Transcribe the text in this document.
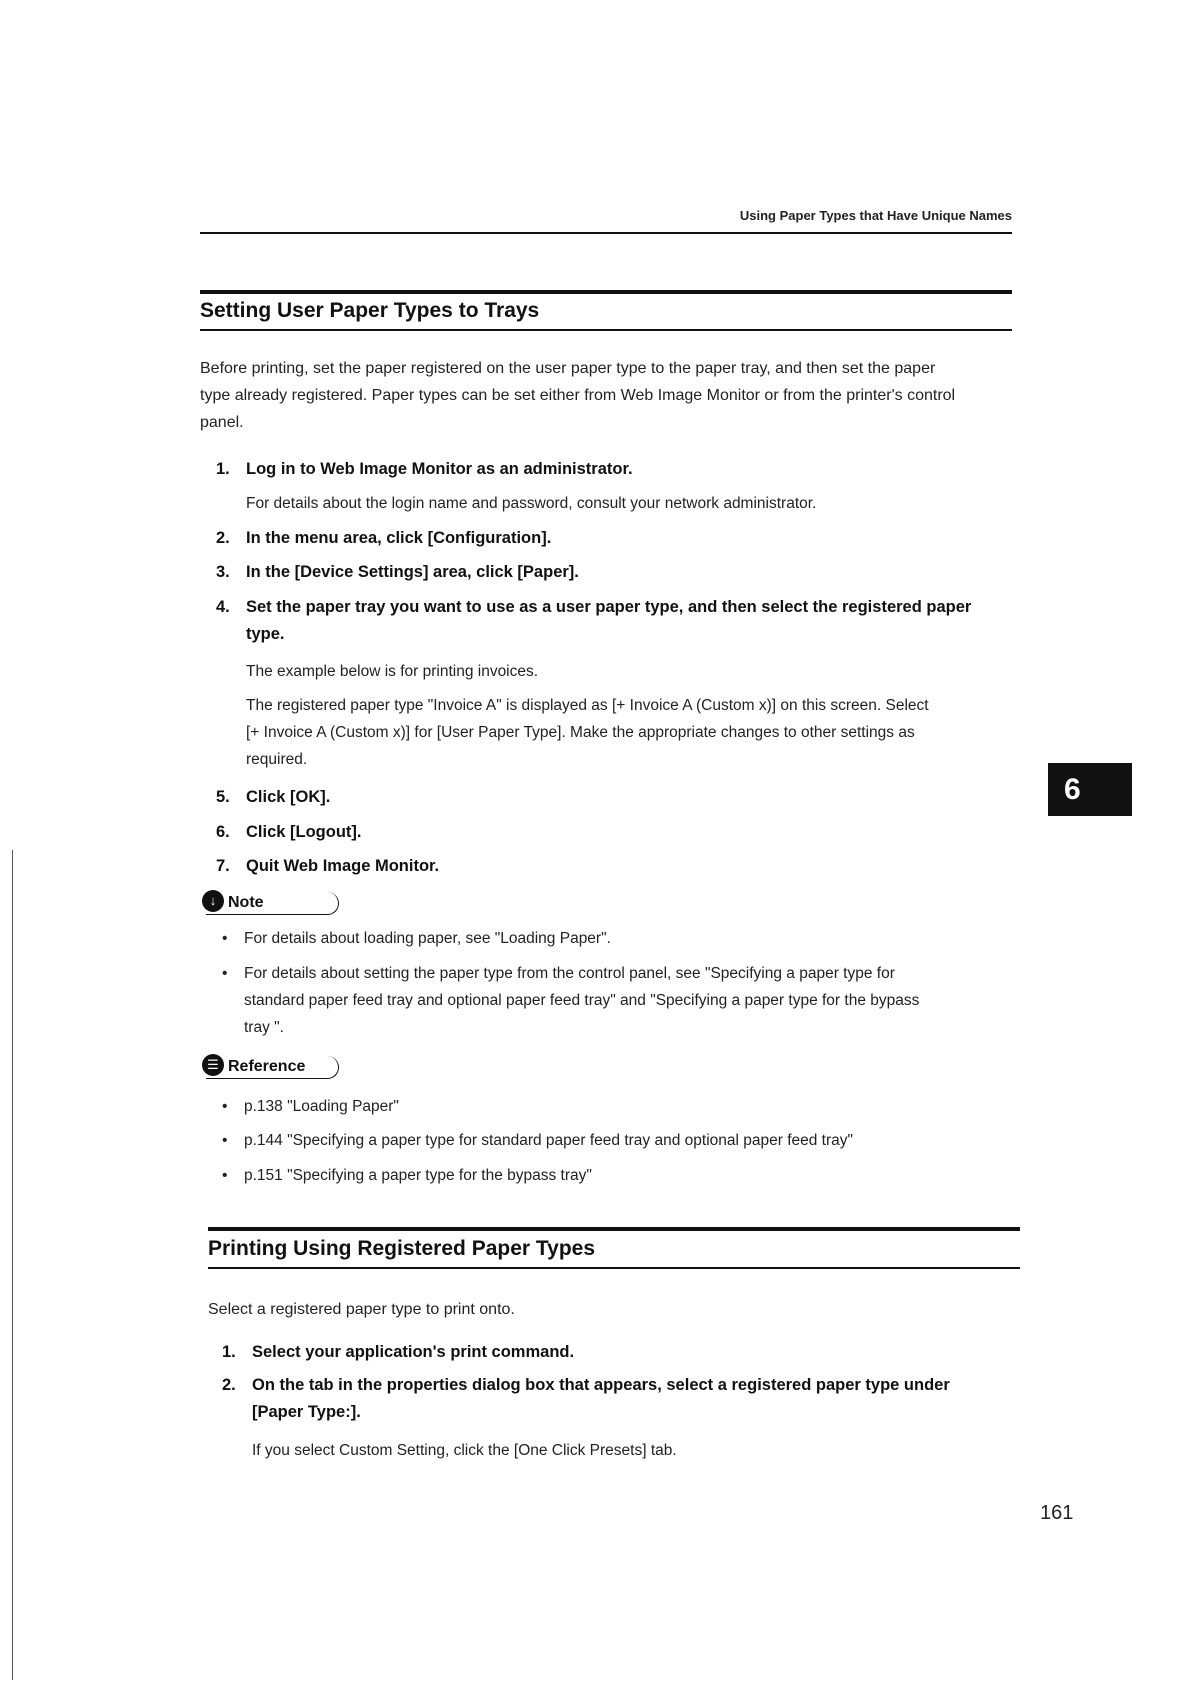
Using Paper Types that Have Unique Names
Setting User Paper Types to Trays
Before printing, set the paper registered on the user paper type to the paper tray, and then set the paper
type already registered. Paper types can be set either from Web Image Monitor or from the printer's control
panel.
1. Log in to Web Image Monitor as an administrator.
For details about the login name and password, consult your network administrator.
2. In the menu area, click [Configuration].
3. In the [Device Settings] area, click [Paper].
4. Set the paper tray you want to use as a user paper type, and then select the registered paper
type.
The example below is for printing invoices.
The registered paper type "Invoice A" is displayed as [+ Invoice A (Custom x)] on this screen. Select
[+ Invoice A (Custom x)] for [User Paper Type]. Make the appropriate changes to other settings as
required.
5. Click [OK].
6. Click [Logout].
7. Quit Web Image Monitor.
↓ Note
• For details about loading paper, see "Loading Paper".
• For details about setting the paper type from the control panel, see "Specifying a paper type for
standard paper feed tray and optional paper feed tray" and "Specifying a paper type for the bypass
tray ".
☰ Reference
• p.138 "Loading Paper"
• p.144 "Specifying a paper type for standard paper feed tray and optional paper feed tray"
• p.151 "Specifying a paper type for the bypass tray"
Printing Using Registered Paper Types
Select a registered paper type to print onto.
1. Select your application's print command.
2. On the tab in the properties dialog box that appears, select a registered paper type under
[Paper Type:].
If you select Custom Setting, click the [One Click Presets] tab.
6
161
